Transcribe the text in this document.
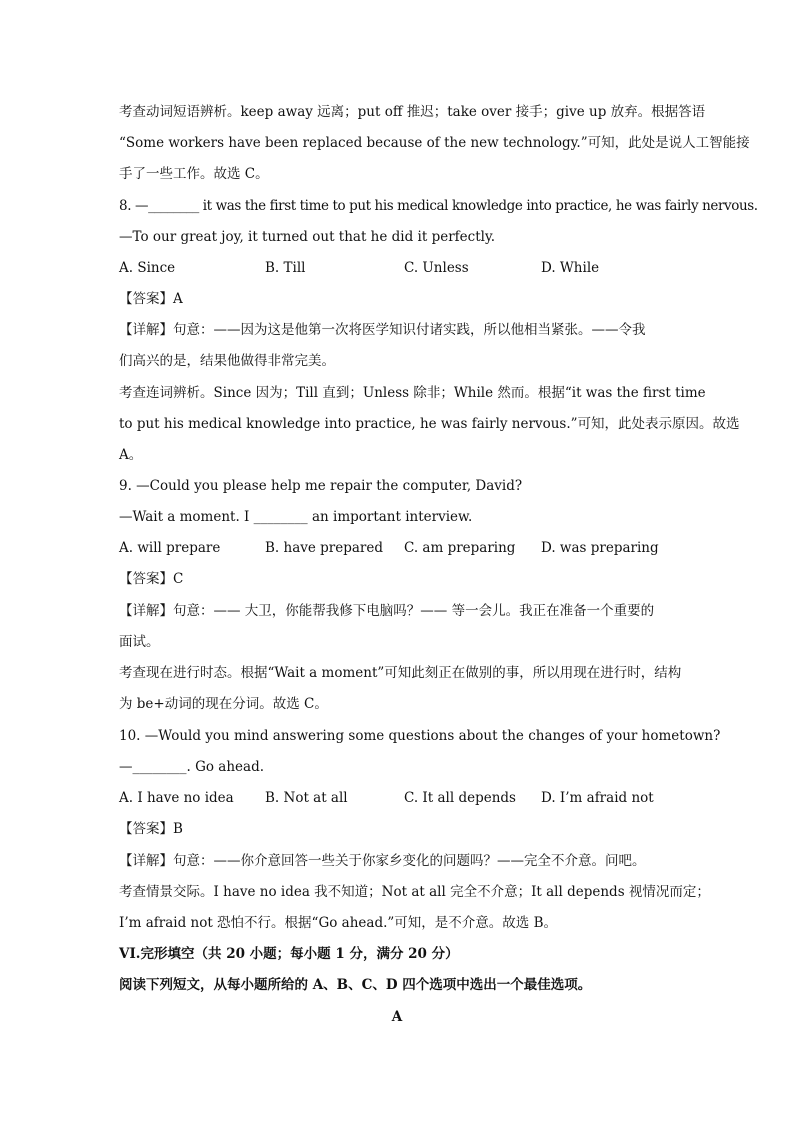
考查动词短语辨析。keep away 远离；put off 推迟；take over 接手；give up 放弃。根据答语
“Some workers have been replaced because of the new technology.”可知，此处是说人工智能接
手了一些工作。故选 C。
8. —________ it was the first time to put his medical knowledge into practice, he was fairly nervous.
—To our great joy, it turned out that he did it perfectly.
A. Since	B. Till	C. Unless	D. While
【答案】A
【详解】句意：——因为这是他第一次将医学知识付诸实践，所以他相当紧张。——令我
们高兴的是，结果他做得非常完美。
考查连词辨析。Since 因为；Till 直到；Unless 除非；While 然而。根据“it was the first time
to put his medical knowledge into practice, he was fairly nervous.”可知，此处表示原因。故选
A。
9. —Could you please help me repair the computer, David?
—Wait a moment. I ________ an important interview.
A. will prepare	B. have prepared C. am preparing D. was preparing
【答案】C
【详解】句意：—— 大卫，你能帮我修下电脑吗？—— 等一会儿。我正在准备一个重要的
面试。
考查现在进行时态。根据“Wait a moment”可知此刻正在做别的事，所以用现在进行时，结构
为 be+动词的现在分词。故选 C。
10. —Would you mind answering some questions about the changes of your hometown?
—________. Go ahead.
A. I have no idea B. Not at all	C. It all depends D. I’m afraid not
【答案】B
【详解】句意：——你介意回答一些关于你家乡变化的问题吗？——完全不介意。问吧。
考查情景交际。I have no idea 我不知道；Not at all 完全不介意；It all depends 视情况而定；
I’m afraid not 恐怕不行。根据“Go ahead.”可知，是不介意。故选 B。
VI.完形填空（共 20 小题；每小题 1 分，满分 20 分）
阅读下列短文，从每小题所给的 A、B、C、D 四个选项中选出一个最佳选项。
A
